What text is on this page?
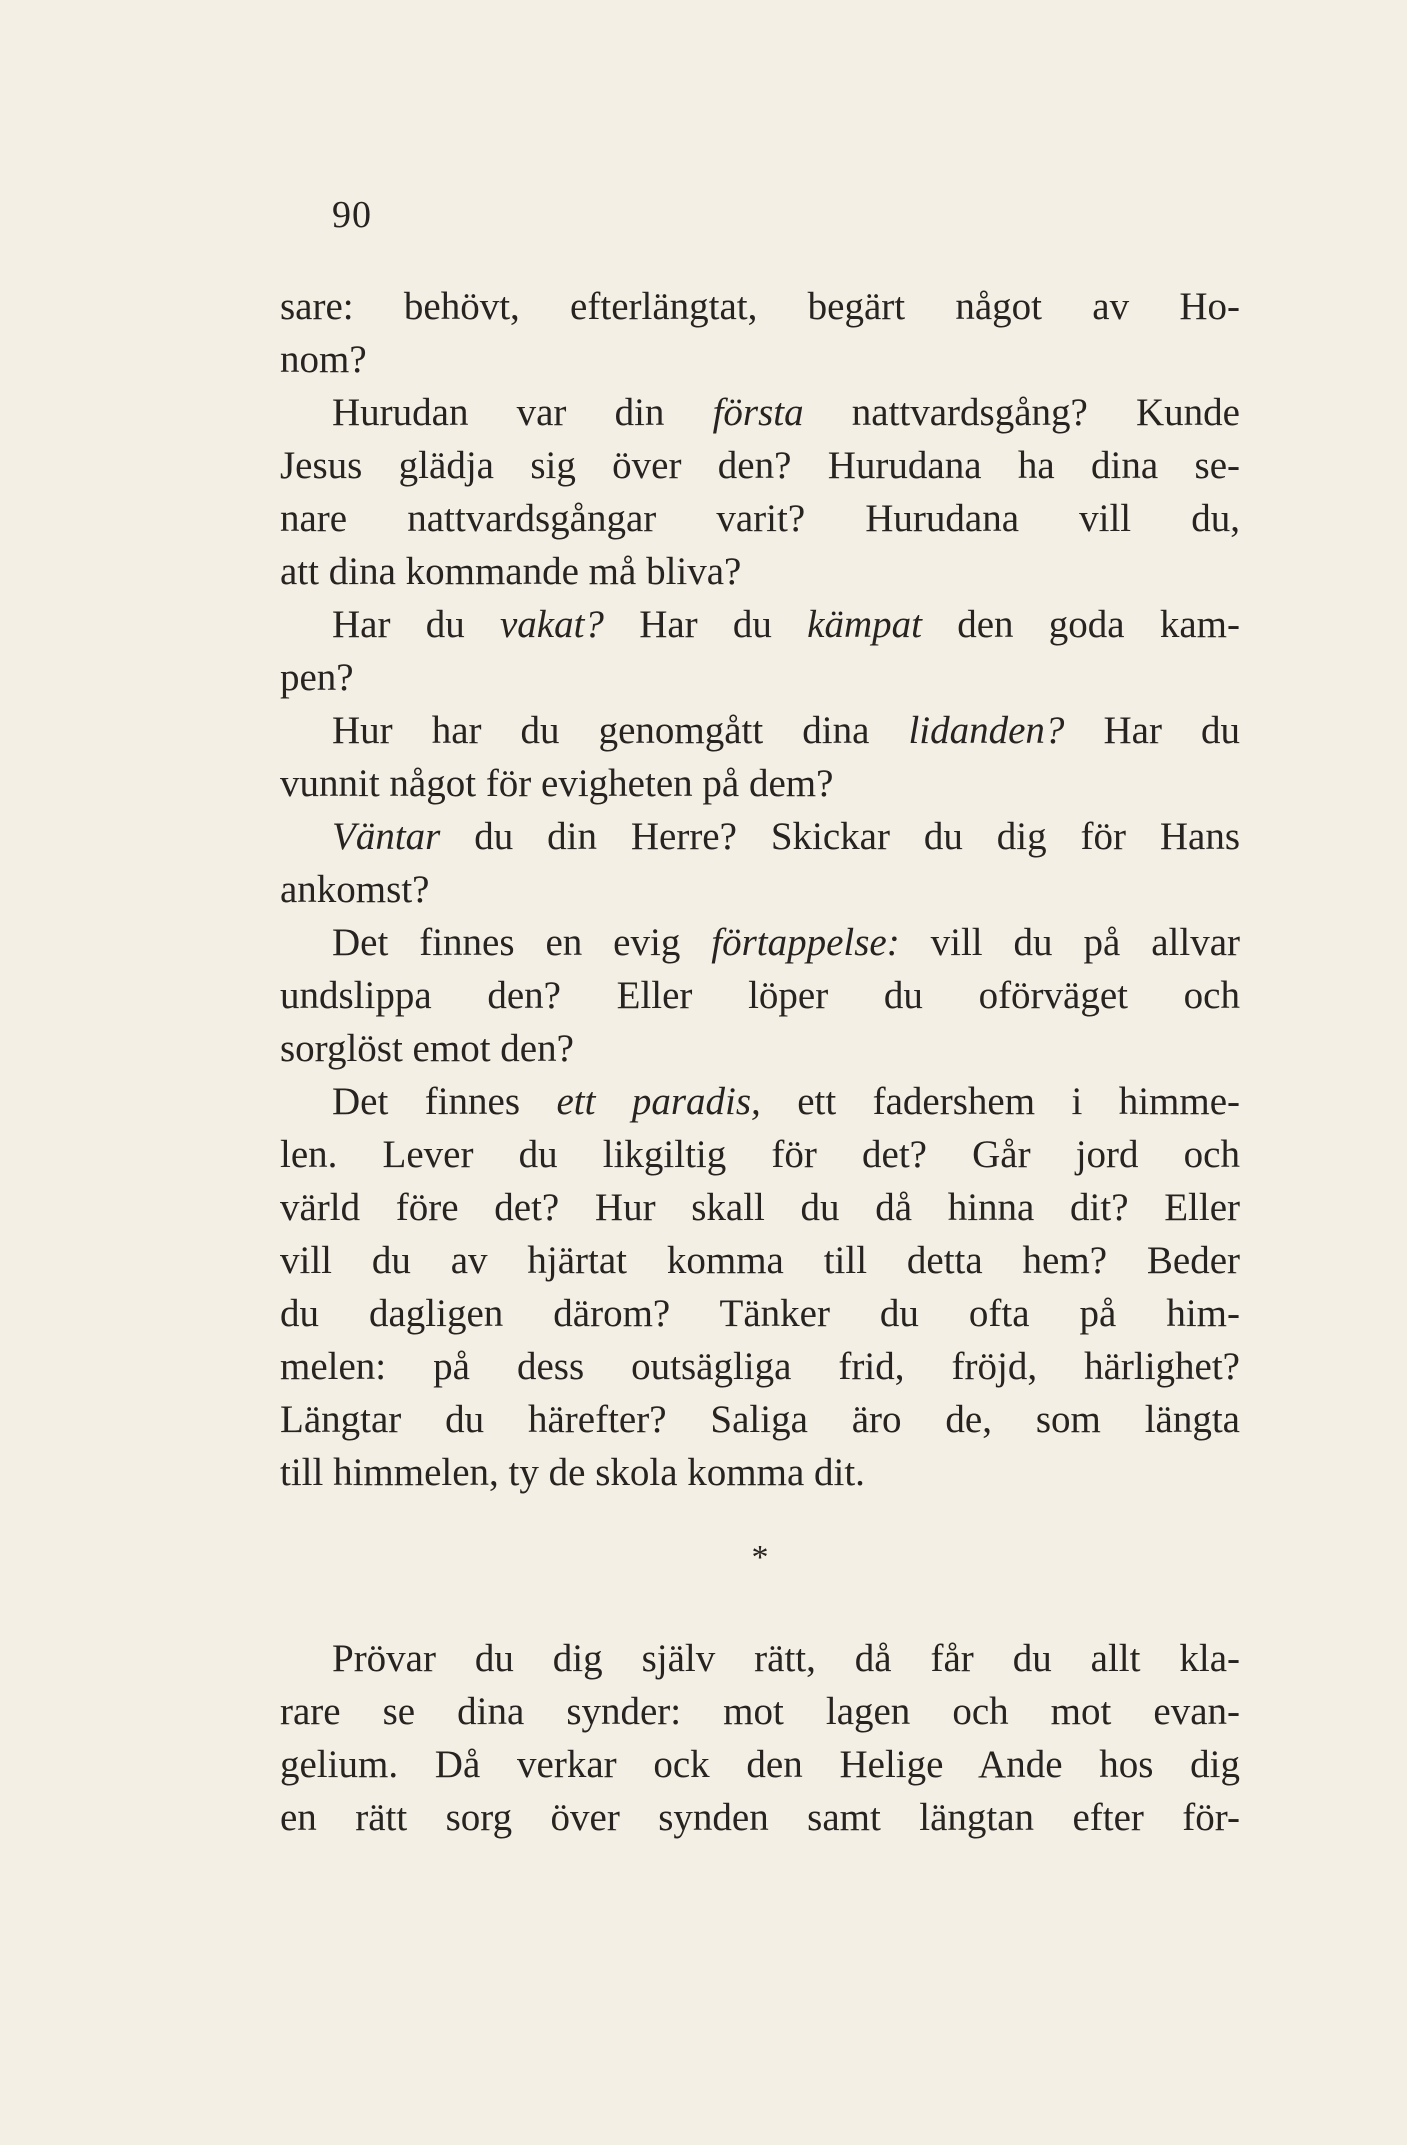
90
sare: behövt, efterlängtat, begärt något av Ho-
nom?
Hurudan var din första nattvardsgång? Kunde
Jesus glädja sig över den? Hurudana ha dina se-
nare nattvardsgångar varit? Hurudana vill du,
att dina kommande må bliva?
Har du vakat? Har du kämpat den goda kam-
pen?
Hur har du genomgått dina lidanden? Har du
vunnit något för evigheten på dem?
Väntar du din Herre? Skickar du dig för Hans
ankomst?
Det finnes en evig förtappelse: vill du på allvar
undslippa den? Eller löper du oförväget och
sorglöst emot den?
Det finnes ett paradis, ett fadershem i himme-
len. Lever du likgiltig för det? Går jord och
värld före det? Hur skall du då hinna dit? Eller
vill du av hjärtat komma till detta hem? Beder
du dagligen därom? Tänker du ofta på him-
melen: på dess outsägliga frid, fröjd, härlighet?
Längtar du härefter? Saliga äro de, som längta
till himmelen, ty de skola komma dit.
*
Prövar du dig själv rätt, då får du allt kla-
rare se dina synder: mot lagen och mot evan-
gelium. Då verkar ock den Helige Ande hos dig
en rätt sorg över synden samt längtan efter för-
